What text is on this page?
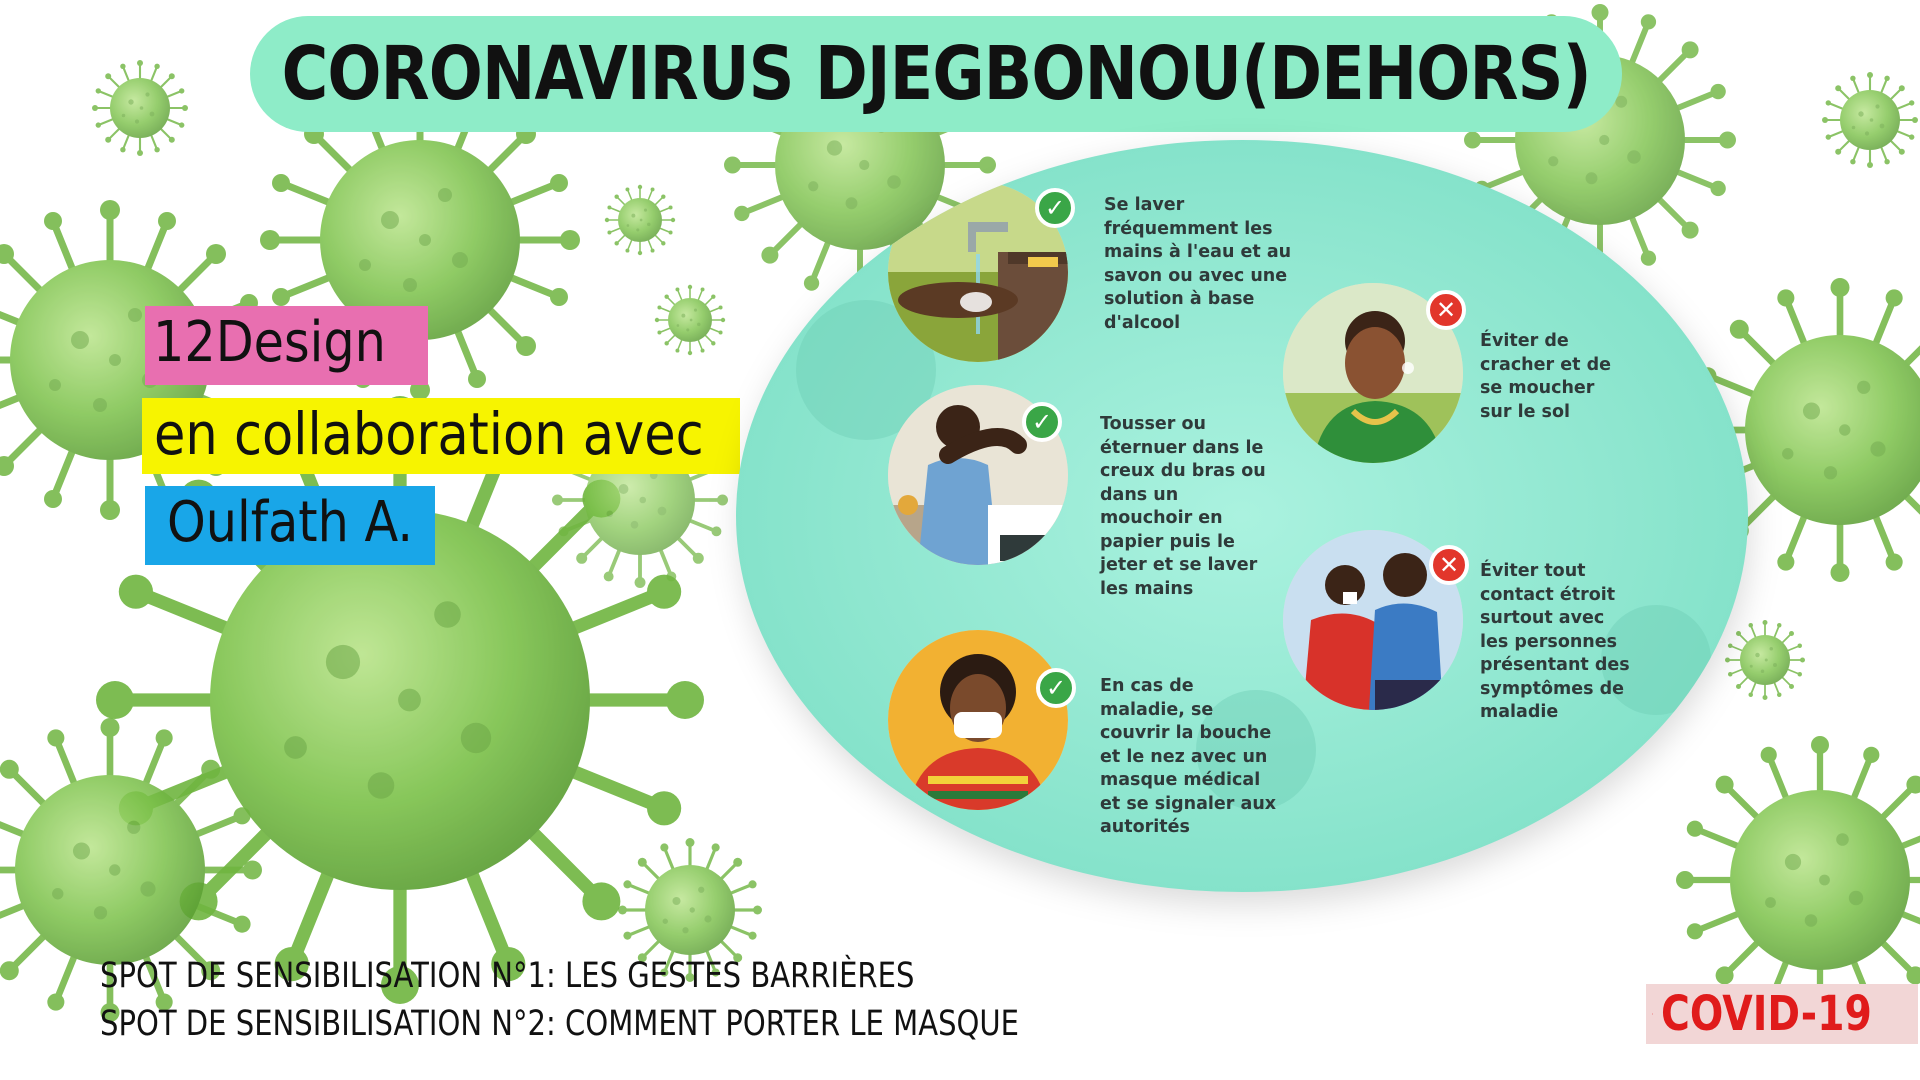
CORONAVIRUS DJEGBONOU(DEHORS)
12Design
en collaboration avec
Oulfath A.
✓	Se laver
fréquemment les
mains à l'eau et au
savon ou avec une
solution à base
d'alcool	✕
Éviter de
cracher et de
se moucher
sur le sol
✓	Tousser ou
éternuer dans le
creux du bras ou
dans un
mouchoir en
papier puis le
jeter et se laver
les mains
✕	Éviter tout
contact étroit
surtout avec
les personnes
présentant des
symptômes de
maladie
✓	En cas de
maladie, se
couvrir la bouche
et le nez avec un
masque médical
et se signaler aux
autorités
SPOT DE SENSIBILISATION N°1: LES GESTES BARRIÈRES
SPOT DE SENSIBILISATION N°2: COMMENT PORTER LE MASQUE	COVID-19
